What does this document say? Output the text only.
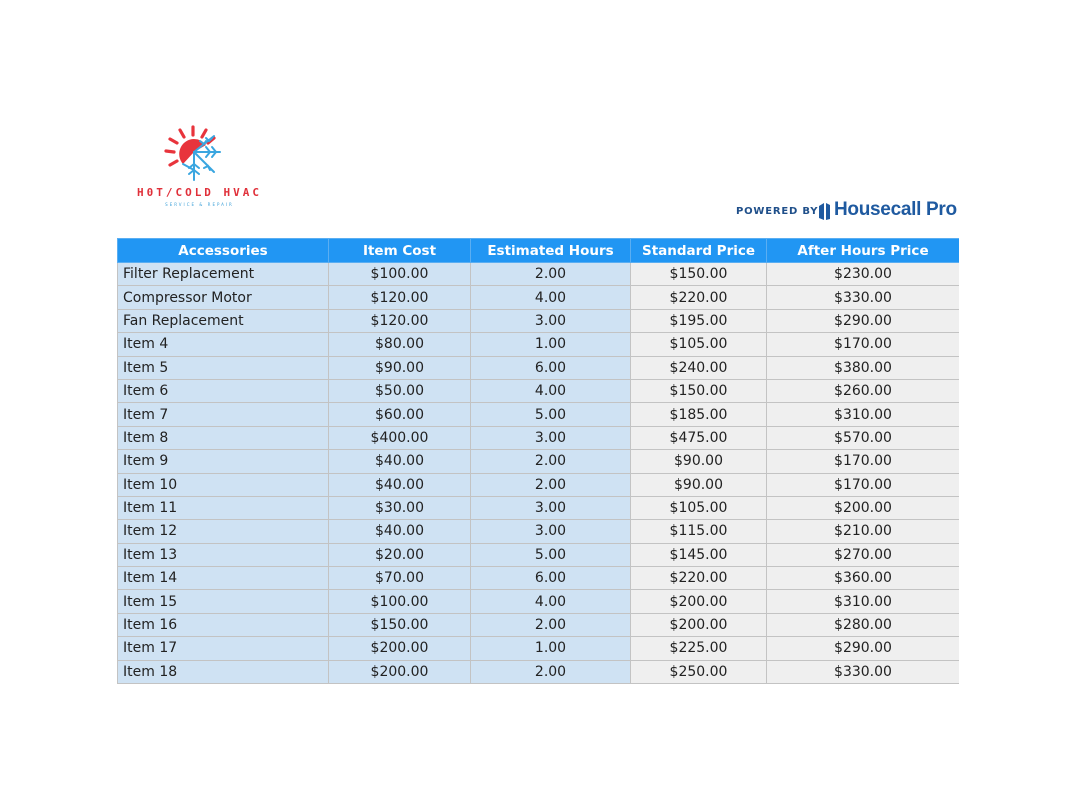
H0T/COLD HVAC
SERVICE & REPAIR
POWERED BY Housecall Pro
Accessories	Item Cost	Estimated Hours	Standard Price	After Hours Price
Filter Replacement	$100.00	2.00	$150.00	$230.00
Compressor Motor	$120.00	4.00	$220.00	$330.00
Fan Replacement	$120.00	3.00	$195.00	$290.00
Item 4	$80.00	1.00	$105.00	$170.00
Item 5	$90.00	6.00	$240.00	$380.00
Item 6	$50.00	4.00	$150.00	$260.00
Item 7	$60.00	5.00	$185.00	$310.00
Item 8	$400.00	3.00	$475.00	$570.00
Item 9	$40.00	2.00	$90.00	$170.00
Item 10	$40.00	2.00	$90.00	$170.00
Item 11	$30.00	3.00	$105.00	$200.00
Item 12	$40.00	3.00	$115.00	$210.00
Item 13	$20.00	5.00	$145.00	$270.00
Item 14	$70.00	6.00	$220.00	$360.00
Item 15	$100.00	4.00	$200.00	$310.00
Item 16	$150.00	2.00	$200.00	$280.00
Item 17	$200.00	1.00	$225.00	$290.00
Item 18	$200.00	2.00	$250.00	$330.00
